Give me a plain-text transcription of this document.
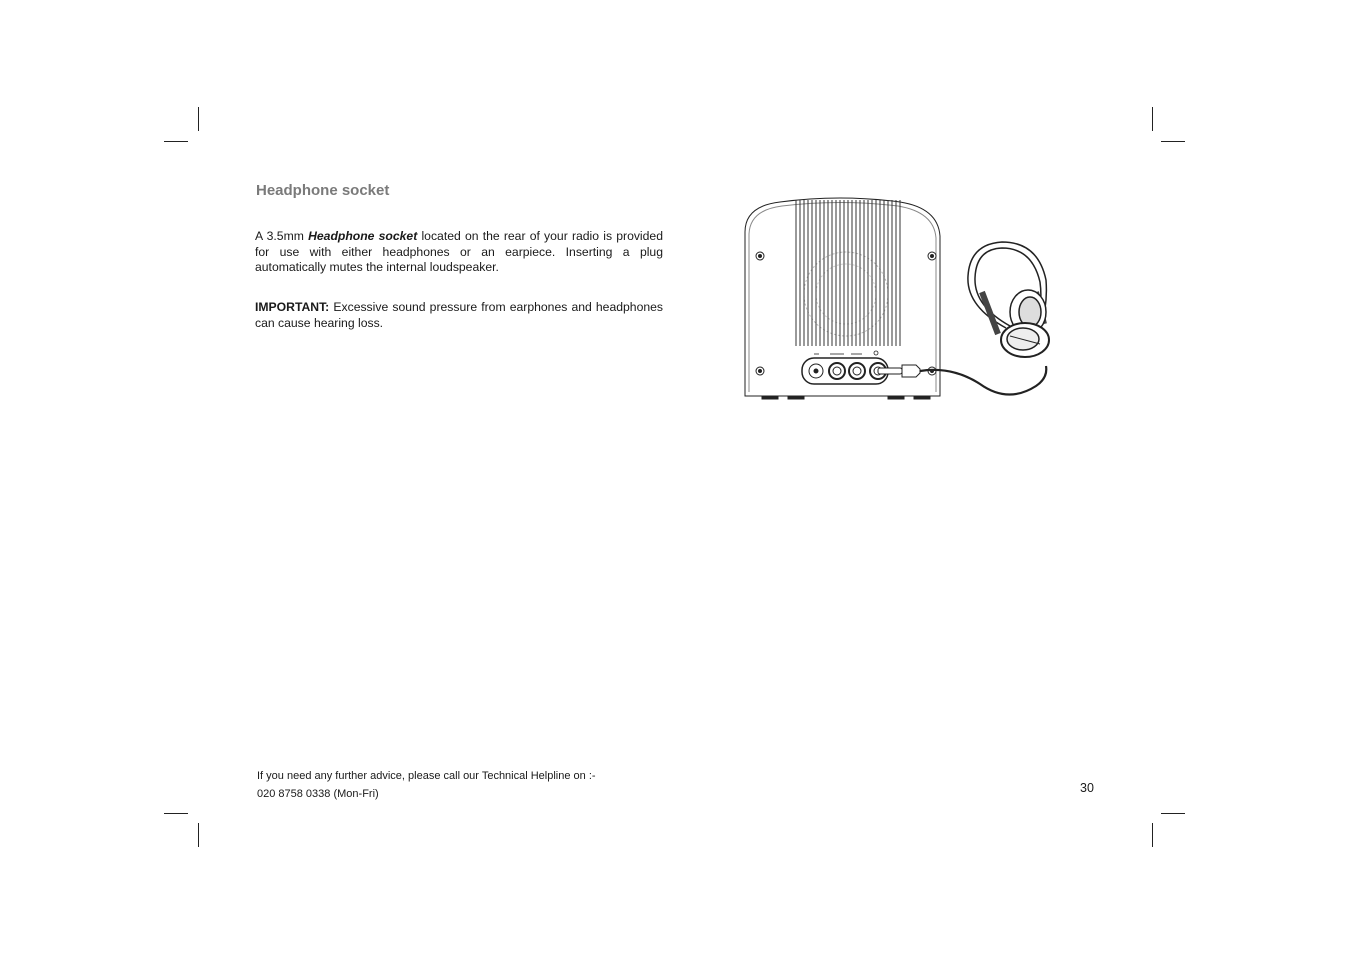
Headphone socket
A 3.5mm Headphone socket located on the rear of your radio is provided for use with either headphones or an earpiece. Inserting a plug automatically mutes the internal loudspeaker.
IMPORTANT: Excessive sound pressure from earphones and headphones can cause hearing loss.
If you need any further advice, please call our Technical Helpline on :-
020 8758 0338 (Mon-Fri)	30
